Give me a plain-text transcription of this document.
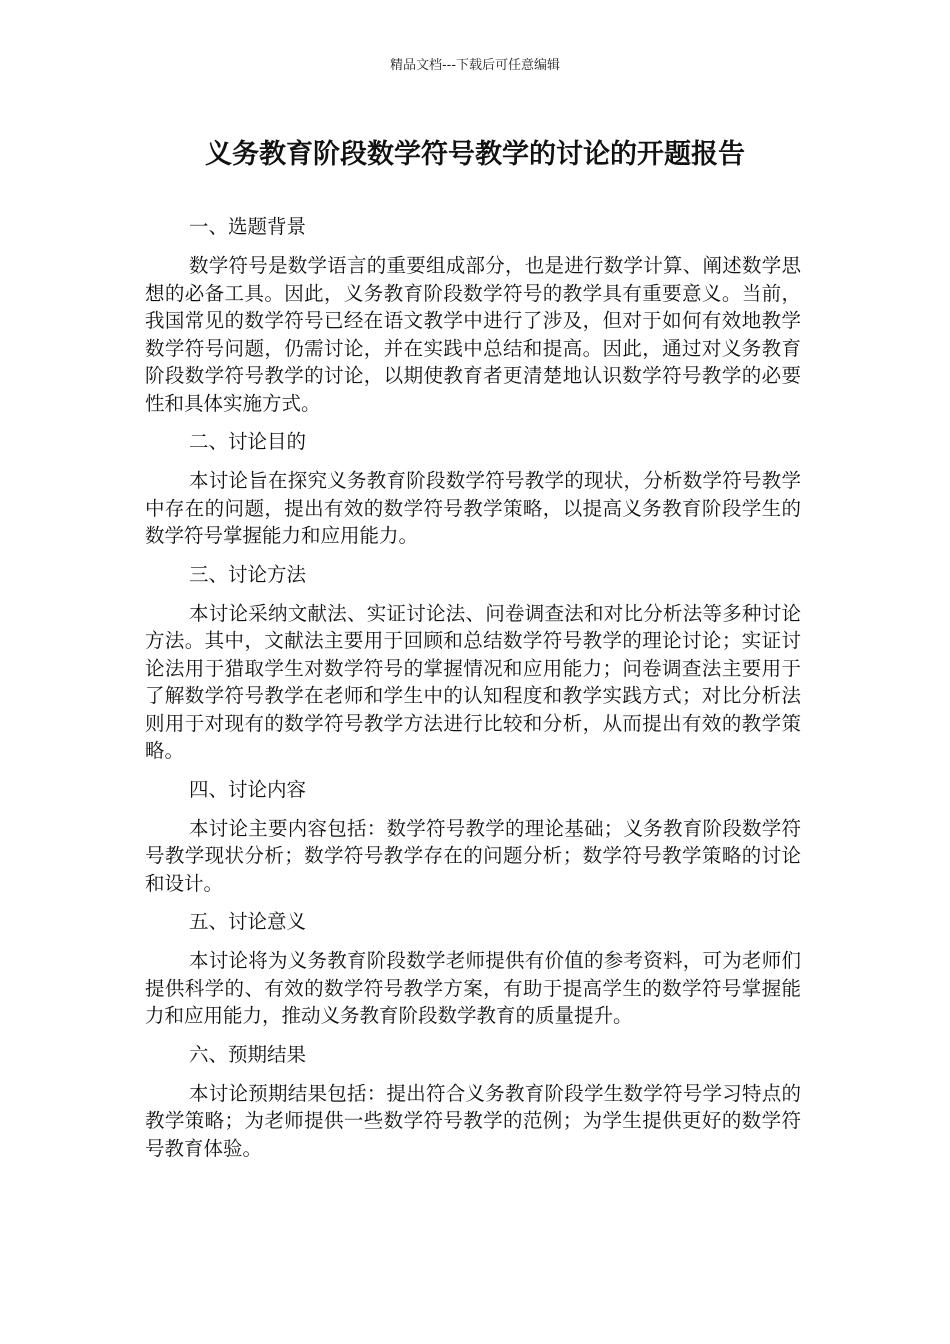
精品文档---下载后可任意编辑
义务教育阶段数学符号教学的讨论的开题报告

一、选题背景

数学符号是数学语言的重要组成部分，也是进行数学计算、阐述数学思想的必备工具。因此，义务教育阶段数学符号的教学具有重要意义。当前，我国常见的数学符号已经在语文教学中进行了涉及，但对于如何有效地教学数学符号问题，仍需讨论，并在实践中总结和提高。因此，通过对义务教育阶段数学符号教学的讨论，以期使教育者更清楚地认识数学符号教学的必要性和具体实施方式。

二、讨论目的

本讨论旨在探究义务教育阶段数学符号教学的现状，分析数学符号教学中存在的问题，提出有效的数学符号教学策略，以提高义务教育阶段学生的数学符号掌握能力和应用能力。

三、讨论方法

本讨论采纳文献法、实证讨论法、问卷调查法和对比分析法等多种讨论方法。其中，文献法主要用于回顾和总结数学符号教学的理论讨论；实证讨论法用于猎取学生对数学符号的掌握情况和应用能力；问卷调查法主要用于了解数学符号教学在老师和学生中的认知程度和教学实践方式；对比分析法则用于对现有的数学符号教学方法进行比较和分析，从而提出有效的教学策略。

四、讨论内容

本讨论主要内容包括：数学符号教学的理论基础；义务教育阶段数学符号教学现状分析；数学符号教学存在的问题分析；数学符号教学策略的讨论和设计。

五、讨论意义

本讨论将为义务教育阶段数学老师提供有价值的参考资料，可为老师们提供科学的、有效的数学符号教学方案，有助于提高学生的数学符号掌握能力和应用能力，推动义务教育阶段数学教育的质量提升。

六、预期结果

本讨论预期结果包括：提出符合义务教育阶段学生数学符号学习特点的教学策略；为老师提供一些数学符号教学的范例；为学生提供更好的数学符号教育体验。
